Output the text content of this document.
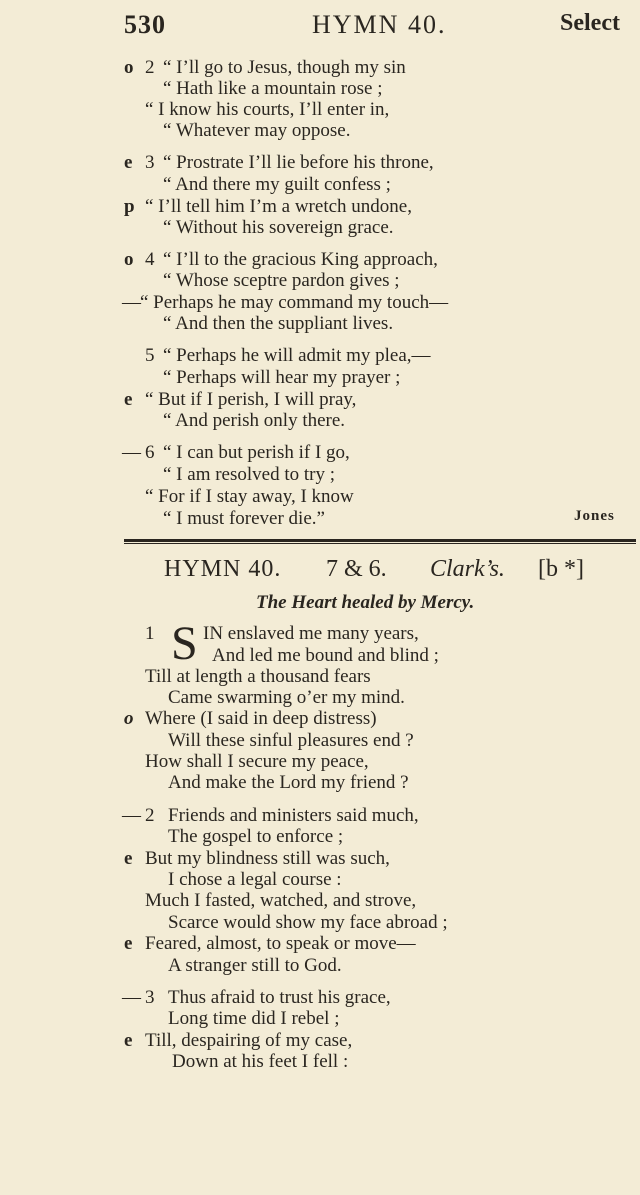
530	HYMN 40.	Select
o 2 “ I’ll go to Jesus, though my sin
“ Hath like a mountain rose ;
“ I know his courts, I’ll enter in,
“ Whatever may oppose.
e 3 “ Prostrate I’ll lie before his throne,
“ And there my guilt confess ;
p “ I’ll tell him I’m a wretch undone,
“ Without his sovereign grace.
o 4 “ I’ll to the gracious King approach,
“ Whose sceptre pardon gives ;
— “ Perhaps he may command my touch—
“ And then the suppliant lives.
5 “ Perhaps he will admit my plea,—
“ Perhaps will hear my prayer ;
e “ But if I perish, I will pray,
“ And perish only there.
— 6 “ I can but perish if I go,
“ I am resolved to try ;
“ For if I stay away, I know
“ I must forever die.”	Jones
HYMN 40. 7 & 6. Clark’s. [b *]
The Heart healed by Mercy.
1 S IN enslaved me many years,
And led me bound and blind ;
Till at length a thousand fears
Came swarming o’er my mind.
o Where (I said in deep distress)
Will these sinful pleasures end ?
How shall I secure my peace,
And make the Lord my friend ?
— 2 Friends and ministers said much,
The gospel to enforce ;
e But my blindness still was such,
I chose a legal course :
Much I fasted, watched, and strove,
Scarce would show my face abroad ;
e Feared, almost, to speak or move—
A stranger still to God.
— 3 Thus afraid to trust his grace,
Long time did I rebel ;
e Till, despairing of my case,
Down at his feet I fell :
